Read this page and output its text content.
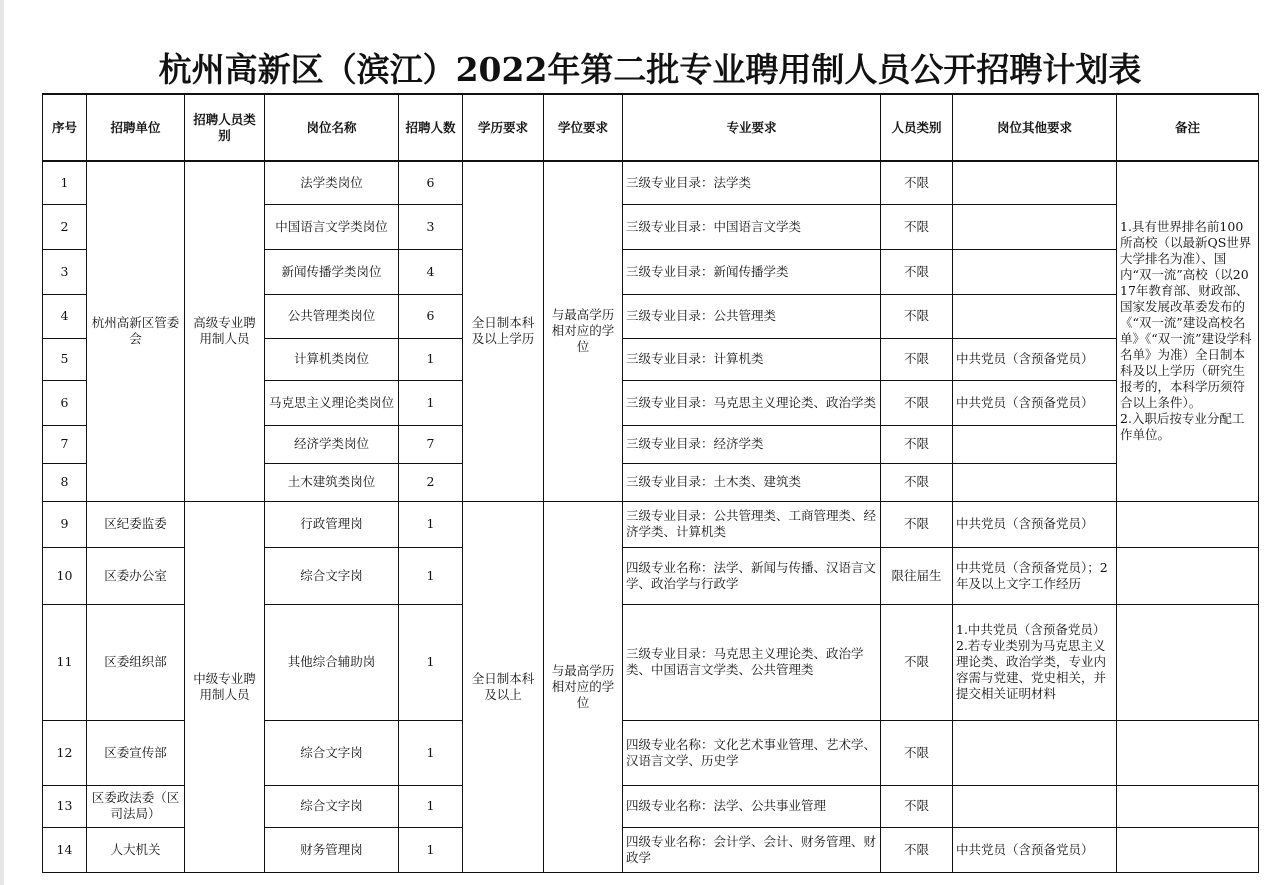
杭州高新区（滨江）2022年第二批专业聘用制人员公开招聘计划表
序号	招聘单位	招聘人员类别	岗位名称	招聘人数	学历要求	学位要求	专业要求	人员类别	岗位其他要求	备注
1	杭州高新区管委会	高级专业聘用制人员	法学类岗位	6	全日制本科及以上学历	与最高学历相对应的学位	三级专业目录：法学类	不限		1.具有世界排名前100所高校（以最新QS世界大学排名为准）、国内“双一流”高校（以2017年教育部、财政部、国家发展改革委发布的《“双一流”建设高校名单》《“双一流”建设学科名单》为准）全日制本科及以上学历（研究生报考的，本科学历须符合以上条件）。
2.入职后按专业分配工作单位。
2			中国语言文学类岗位	3			三级专业目录：中国语言文学类	不限		
3			新闻传播学类岗位	4			三级专业目录：新闻传播学类	不限		
4			公共管理类岗位	6			三级专业目录：公共管理类	不限		
5			计算机类岗位	1			三级专业目录：计算机类	不限	中共党员（含预备党员）	
6			马克思主义理论类岗位	1			三级专业目录：马克思主义理论类、政治学类	不限	中共党员（含预备党员）	
7			经济学类岗位	7			三级专业目录：经济学类	不限		
8			土木建筑类岗位	2			三级专业目录：土木类、建筑类	不限		
9	区纪委监委	中级专业聘用制人员	行政管理岗	1	全日制本科及以上	与最高学历相对应的学位	三级专业目录：公共管理类、工商管理类、经济学类、计算机类	不限	中共党员（含预备党员）	
10	区委办公室		综合文字岗	1			四级专业名称：法学、新闻与传播、汉语言文学、政治学与行政学	限往届生	中共党员（含预备党员）；2年及以上文字工作经历	
11	区委组织部		其他综合辅助岗	1			三级专业目录：马克思主义理论类、政治学类、中国语言文学类、公共管理类	不限	1.中共党员（含预备党员）
2.若专业类别为马克思主义理论类、政治学类，专业内容需与党建、党史相关，并提交相关证明材料	
12	区委宣传部		综合文字岗	1			四级专业名称：文化艺术事业管理、艺术学、汉语言文学、历史学	不限		
13	区委政法委（区司法局）		综合文字岗	1			四级专业名称：法学、公共事业管理	不限		
14	人大机关		财务管理岗	1			四级专业名称：会计学、会计、财务管理、财政学	不限	中共党员（含预备党员）	
